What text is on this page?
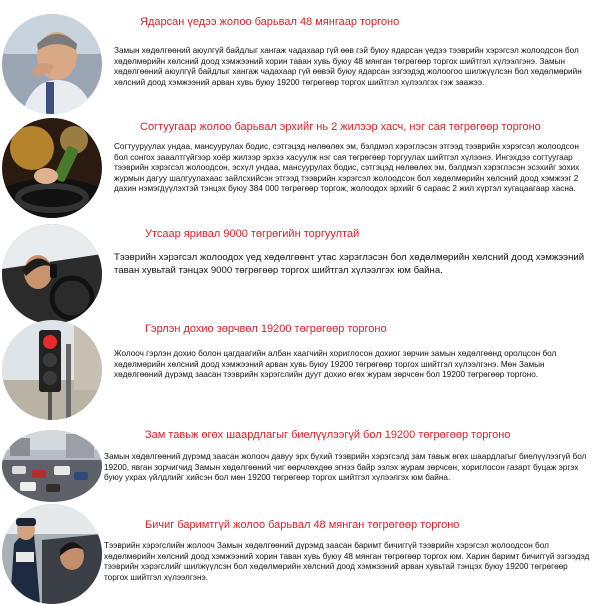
Ядарсан үедээ жолоо барьвал 48 мянгаар торгоно
Замын хөдөлгөөний аюулгүй байдлыг хангаж чадахаар гүй өөв гэй буюу ядарсан үедээ тээврийн хэрэгсэл жолоодсон бол хөдөлмөрийн хөлсний доод хэмжээний хорин таван хувь буюу 48 мянган төгрөгөөр торгох шийтгэл хүлээлгэнэ. Замын хөдөлгөөний аюулгүй байдлыг хангаж чадахаар гүй өөвэй буюу ядарсан эзгээдэд жолоогоо шилжүүлсэн бол хөдөлмөрийн хөлсний доод хэмжээний арван хувь буюу 19200 төгрөгөөр торгох шийтгэл хүлээлгэх гэж заажээ.
Согтуугаар жолоо барьвал эрхийг нь 2 жилээр хасч, нэг сая төгрөгөөр торгоно
Согтууруулах ундаа, мансуурулах бодис, сэтгэцэд нөлөөлөх эм, бэлдмэл хэрэглэсэн этгээд тээврийн хэрэгсэл жолоодсон бол сонгох зааалтгүйгээр хоёр жилээр эрхээ хасуулж нэг сая төгрөгөөр торгуулах шийтгэл хүлээнэ. Ингэхдээ согтуугаар тээврийн хэрэгсэл жолоодсон, эсхүл ундаа, мансуурулах бодис, сэтгэцэд нөлөөлөх эм, бэлдмэл хэрэглэсэн эсэхийг зохих журмын дагуу шалгуулахаас зайлсхийсэн этгээд тээврийн хэрэгсэл жолоодсон бол хөдөлмөрийн хөлсний доод хэмжээг 2 дахин нэмэгдүүлэхтэй тэнцэх буюу 384 000 төгрөгөөр торгож, жолоодох эрхийг 6 сараас 2 жил хүртэл хугацаагаар хасна.
Утсаар яривал 9000 төгрөгийн торгуултай
Тээврийн хэрэгсэл жолоодох үед хөдөлгөөнт утас хэрэглэсэн бол хөдөлмөрийн хөлсний доод хэмжээний таван хувьтай тэнцэх 9000 төгрөгөөр торгох шийтгэл хүлээлгэх юм байна.
Гэрлэн дохио зөрчвөл 19200 төгрөгөөр торгоно
Жолооч гэрлэн дохио болон цагдаагийн албан хаагчийн хориглосон дохиог зөрчин замын хөдөлгөөнд оролцсон бол хөдөлмөрийн хөлсний доод хэмжээний арван хувь буюу 19200 төгрөгөөр торгох шийтгэл хүлээлгэнэ. Мөн Замын хөдөлгөөний дүрэмд заасан тээврийн хэрэгслийн дуут дохио өгөх журам зөрчсөн бол 19200 төгрөгөөр торгоно.
Зам тавьж өгөх шаардлагыг биелүүлээгүй бол 19200 төгрөгөөр торгоно
Замын хөдөлгөөний дүрэмд заасан жолооч давуу эрх бүхий тээврийн хэрэгсэлд зам тавьж өгөх шаардлагыг биелүүлээгүй бол 19200, явган зорчигчид Замын хөдөлгөөний чиг өөрчлөхдөө эгнээ байр эзлэх журам зөрчсөн, хориглосон газарт буцаж эргэх буюу ухрах үйлдлийг хийсэн бол мөн 19200 төгрөгөөр торгох шийтгэл хүлээлгэх юм байна.
Бичиг баримтгүй жолоо барьвал 48 мянган төгрөгөөр торгоно
Тээврийн хэрэгслийн жолооч Замын хөдөлгөөний дүрэмд заасан баримт бичиггүй тээврийн хэрэгсэл жолоодсон бол хөдөлмөрийн хөлсний доод хэмжээний хорин таван хувь буюу 48 мянган төгрөгөөр торгох юм. Харин баримт бичиггүй эзгээдэд тээврийн хэрэгслийг шилжүүлсэн бол хөдөлмөрийн хөлсний доод хэмжээний арван хувьтай тэнцэх буюу 19200 төгрөгөөр торгох шийтгэл хүлээлгэнэ.
